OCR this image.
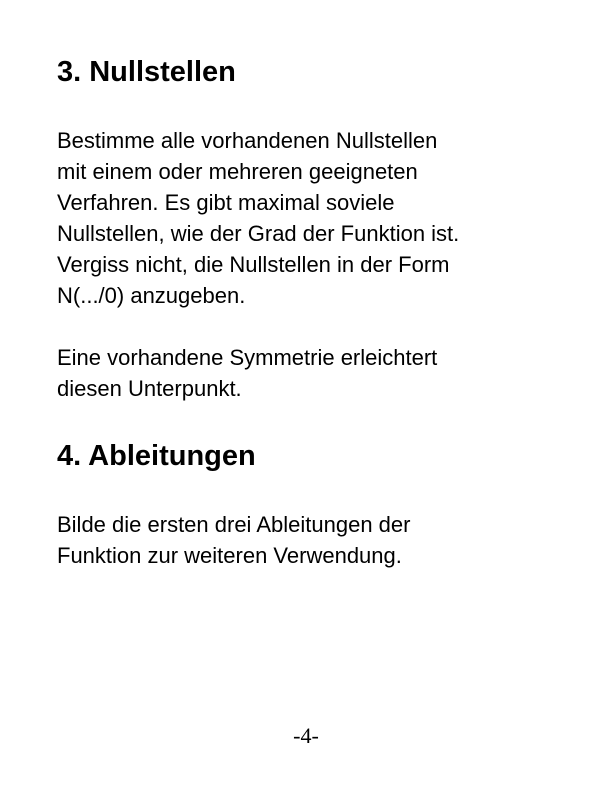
3. Nullstellen

Bestimme alle vorhandenen Nullstellen
mit einem oder mehreren geeigneten
Verfahren. Es gibt maximal soviele
Nullstellen, wie der Grad der Funktion ist.
Vergiss nicht, die Nullstellen in der Form
N(.../0) anzugeben.

Eine vorhandene Symmetrie erleichtert
diesen Unterpunkt.

4. Ableitungen

Bilde die ersten drei Ableitungen der
Funktion zur weiteren Verwendung.

-4-
